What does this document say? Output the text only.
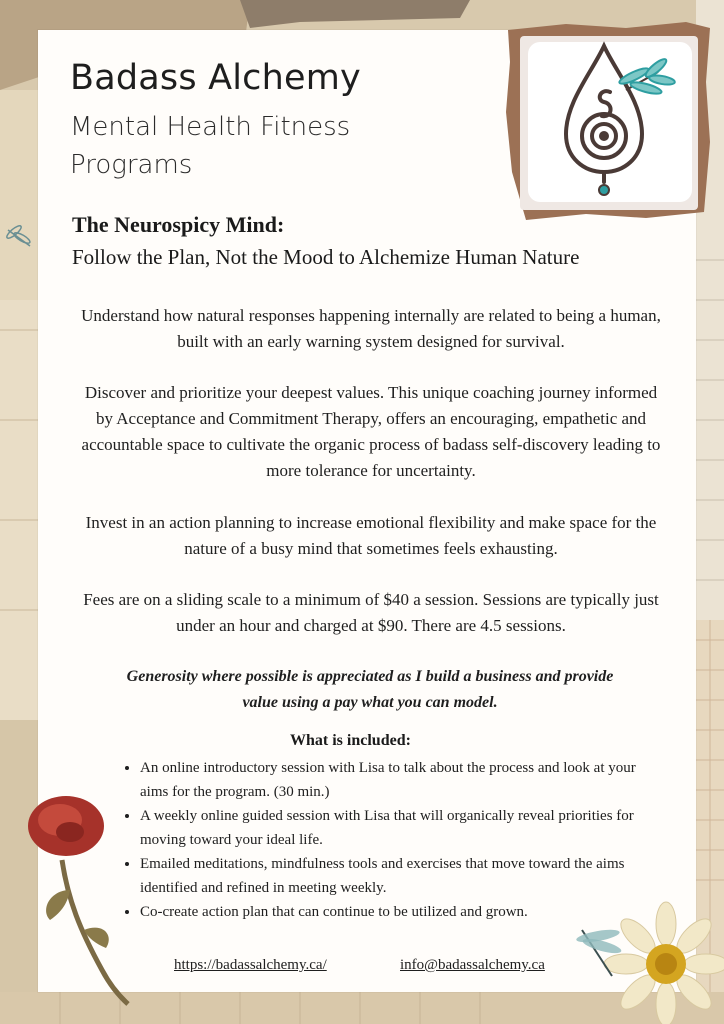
Badass Alchemy
Mental Health Fitness Programs
The Neurospicy Mind:
Follow the Plan, Not the Mood to Alchemize Human Nature
Understand how natural responses happening internally are related to being a human, built with an early warning system designed for survival.
Discover and prioritize your deepest values. This unique coaching journey informed by Acceptance and Commitment Therapy, offers an encouraging, empathetic and accountable space to cultivate the organic process of badass self-discovery leading to more tolerance for uncertainty.
Invest in an action planning to increase emotional flexibility and make space for the nature of a busy mind that sometimes feels exhausting.
Fees are on a sliding scale to a minimum of $40 a session. Sessions are typically just under an hour and charged at $90. There are 4.5 sessions.
Generosity where possible is appreciated as I build a business and provide value using a pay what you can model.
What is included:
• An online introductory session with Lisa to talk about the process and look at your aims for the program. (30 min.)
• A weekly online guided session with Lisa that will organically reveal priorities for moving toward your ideal life.
• Emailed meditations, mindfulness tools and exercises that move toward the aims identified and refined in meeting weekly.
• Co-create action plan that can continue to be utilized and grown.
https://badassalchemy.ca/	info@badassalchemy.ca
